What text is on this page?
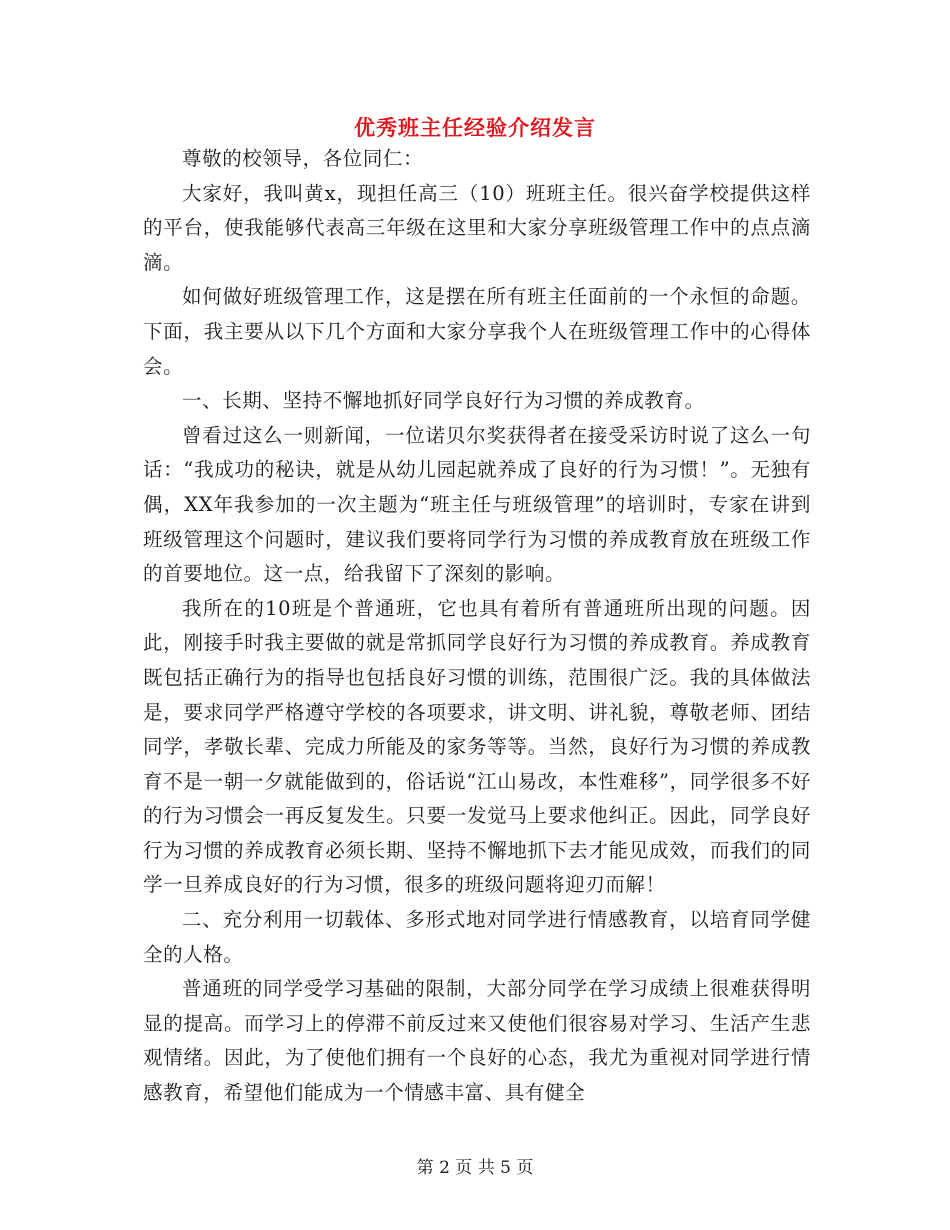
优秀班主任经验介绍发言

尊敬的校领导，各位同仁：

大家好，我叫黄x，现担任高三（10）班班主任。很兴奋学校提供这样的平台，使我能够代表高三年级在这里和大家分享班级管理工作中的点点滴滴。

如何做好班级管理工作，这是摆在所有班主任面前的一个永恒的命题。下面，我主要从以下几个方面和大家分享我个人在班级管理工作中的心得体会。

一、长期、坚持不懈地抓好同学良好行为习惯的养成教育。

曾看过这么一则新闻，一位诺贝尔奖获得者在接受采访时说了这么一句话：“我成功的秘诀，就是从幼儿园起就养成了良好的行为习惯！”。无独有偶，XX年我参加的一次主题为“班主任与班级管理”的培训时，专家在讲到班级管理这个问题时，建议我们要将同学行为习惯的养成教育放在班级工作的首要地位。这一点，给我留下了深刻的影响。

我所在的10班是个普通班，它也具有着所有普通班所出现的问题。因此，刚接手时我主要做的就是常抓同学良好行为习惯的养成教育。养成教育既包括正确行为的指导也包括良好习惯的训练，范围很广泛。我的具体做法是，要求同学严格遵守学校的各项要求，讲文明、讲礼貌，尊敬老师、团结同学，孝敬长辈、完成力所能及的家务等等。当然，良好行为习惯的养成教育不是一朝一夕就能做到的，俗话说“江山易改，本性难移”，同学很多不好的行为习惯会一再反复发生。只要一发觉马上要求他纠正。因此，同学良好行为习惯的养成教育必须长期、坚持不懈地抓下去才能见成效，而我们的同学一旦养成良好的行为习惯，很多的班级问题将迎刃而解！

二、充分利用一切载体、多形式地对同学进行情感教育，以培育同学健全的人格。

普通班的同学受学习基础的限制，大部分同学在学习成绩上很难获得明显的提高。而学习上的停滞不前反过来又使他们很容易对学习、生活产生悲观情绪。因此，为了使他们拥有一个良好的心态，我尤为重视对同学进行情感教育，希望他们能成为一个情感丰富、具有健全

第 2 页 共 5 页
